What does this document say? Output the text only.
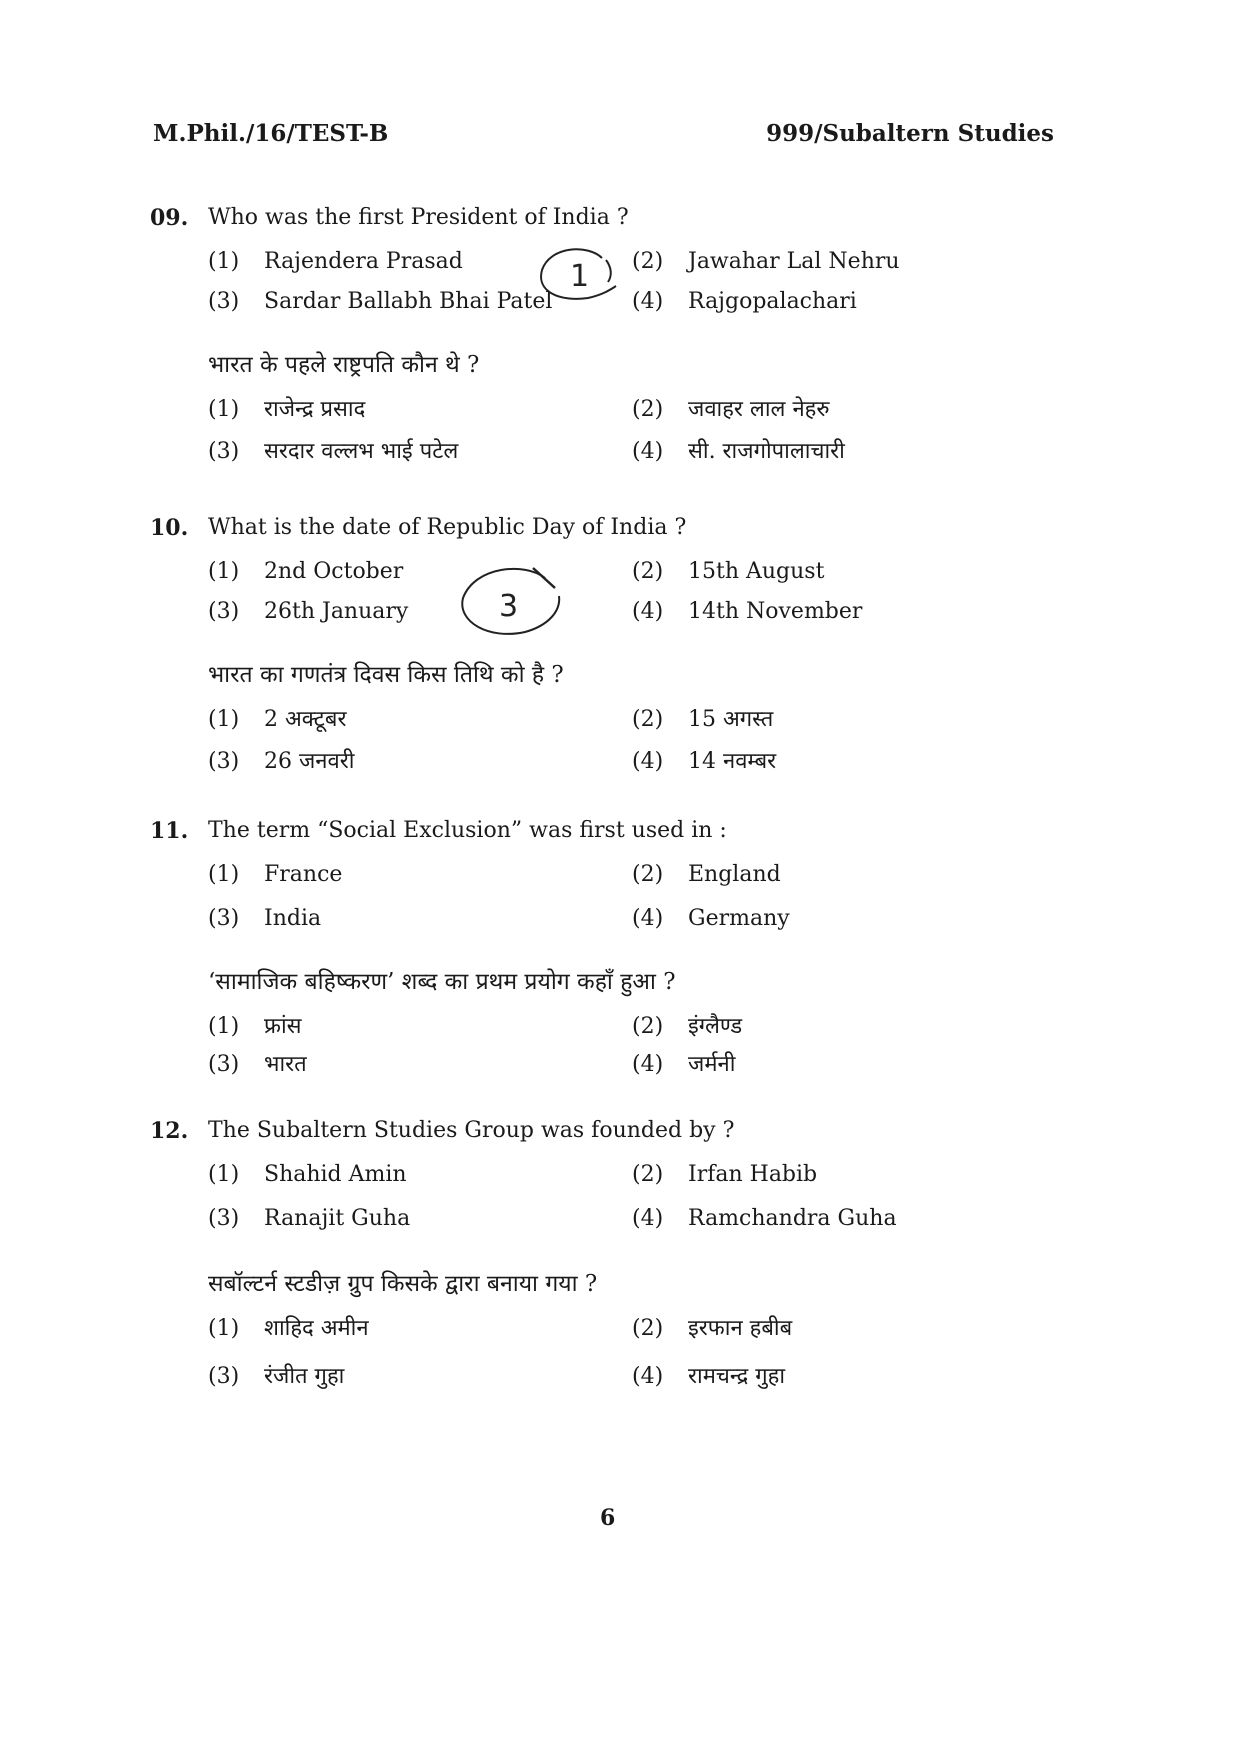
M.Phil./16/TEST-B	999/Subaltern Studies
09. Who was the first President of India ?
(1) Rajendera Prasad	(2) Jawahar Lal Nehru
(3) Sardar Ballabh Bhai Patel	(4) Rajgopalachari
भारत के पहले राष्ट्रपति कौन थे ?
(1) राजेन्द्र प्रसाद	(2) जवाहर लाल नेहरु
(3) सरदार वल्लभ भाई पटेल	(4) सी. राजगोपालाचारी
1
10. What is the date of Republic Day of India ?
(1) 2nd October	(2) 15th August
(3) 26th January	(4) 14th November
भारत का गणतंत्र दिवस किस तिथि को है ?
(1) 2 अक्टूबर	(2) 15 अगस्त
(3) 26 जनवरी	(4) 14 नवम्बर
3
11. The term “Social Exclusion” was first used in :
(1) France	(2) England
(3) India	(4) Germany
‘सामाजिक बहिष्करण’ शब्द का प्रथम प्रयोग कहाँ हुआ ?
(1) फ्रांस	(2) इंग्लैण्ड
(3) भारत	(4) जर्मनी
12. The Subaltern Studies Group was founded by ?
(1) Shahid Amin	(2) Irfan Habib
(3) Ranajit Guha	(4) Ramchandra Guha
सबॉल्टर्न स्टडीज़ ग्रुप किसके द्वारा बनाया गया ?
(1) शाहिद अमीन	(2) इरफान हबीब
(3) रंजीत गुहा	(4) रामचन्द्र गुहा
6
